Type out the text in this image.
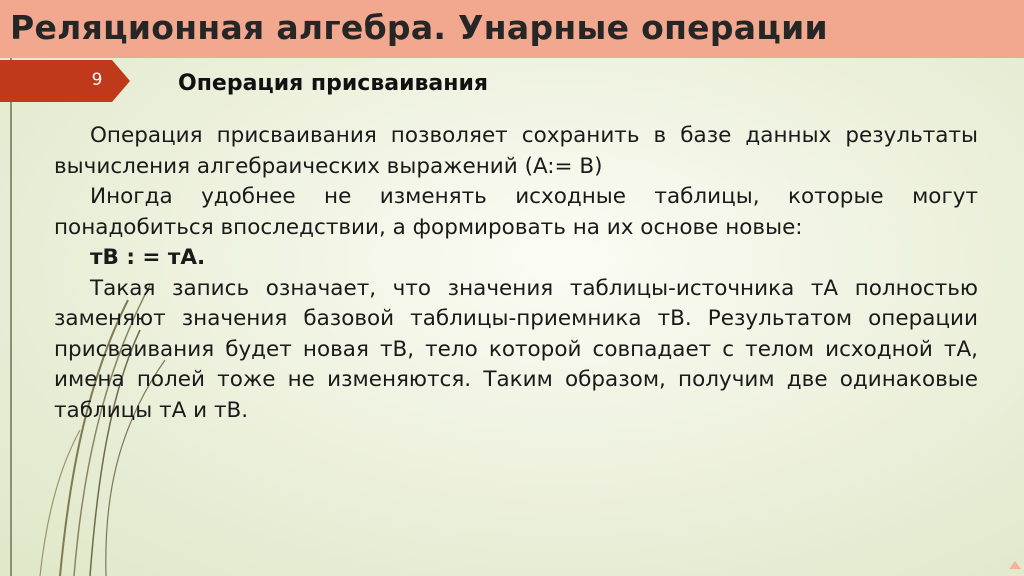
Реляционная алгебра. Унарные операции
9	Операция присваивания

Операция присваивания позволяет сохранить в базе данных результаты вычисления алгебраических выражений (A:= B)

Иногда удобнее не изменять исходные таблицы, которые могут понадобиться впоследствии, а формировать на их основе новые:

тВ : = тА.

Такая запись означает, что значения таблицы-источника тА полностью заменяют значения базовой таблицы-приемника тВ. Результатом операции присваивания будет новая тВ, тело которой совпадает с телом исходной тА, имена полей тоже не изменяются. Таким образом, получим две одинаковые таблицы тА и тВ.
